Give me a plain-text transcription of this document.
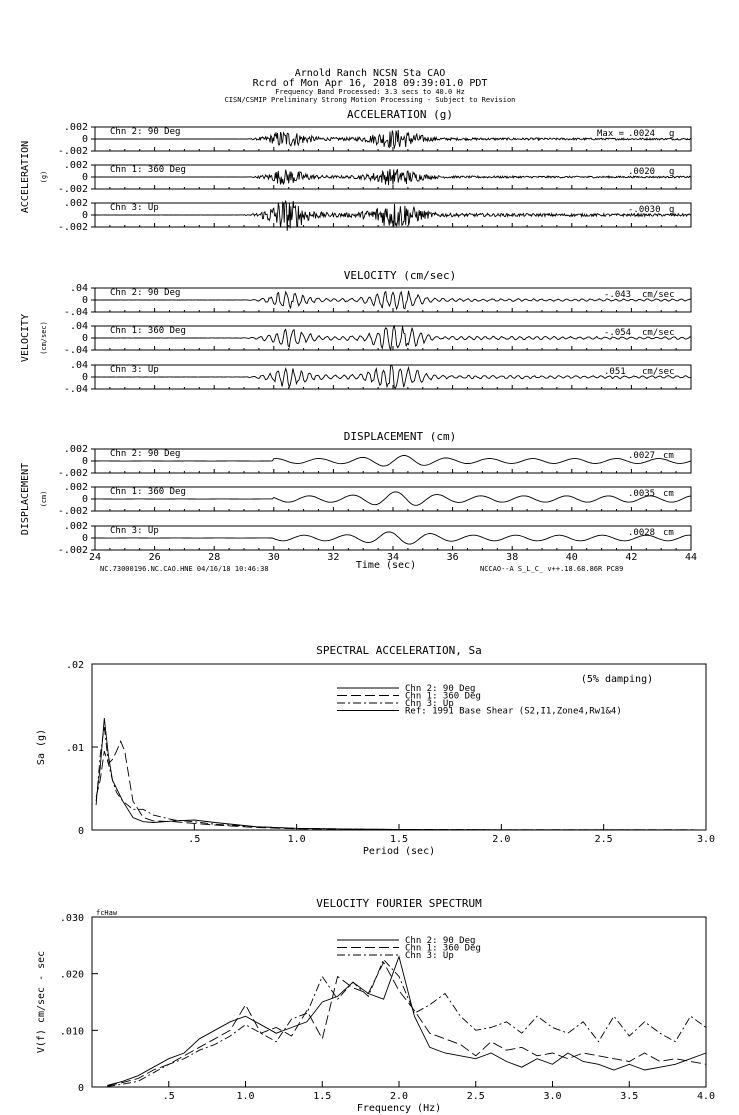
Arnold Ranch NCSN Sta CAO
Rcrd of Mon Apr 16, 2018 09:39:01.0 PDT
Frequency Band Processed: 3.3 secs to 40.0 Hz
CISN/CSMIP Preliminary Strong Motion Processing - Subject to Revision
ACCELERATION (g)
ACCELERATION (g)
.002
0
-.002
Chn 2: 90 Deg	Max = .0024 g
.002
0
-.002
Chn 1: 360 Deg	.0020 g
.002
0
-.002
Chn 3: Up	-.0030 g
VELOCITY (cm/sec)
VELOCITY (cm/sec)
.04
0
-.04
Chn 2: 90 Deg	-.043 cm/sec
.04
0
-.04
Chn 1: 360 Deg	-.054 cm/sec
.04
0
-.04
Chn 3: Up	.051 cm/sec
DISPLACEMENT (cm)
DISPLACEMENT (cm)
.002
0
-.002
Chn 2: 90 Deg	.0027 cm
.002
0
-.002
Chn 1: 360 Deg	.0035 cm
.002
0
-.002
Chn 3: Up	.0028 cm
24	26	28	30	32	34	36	38	40	42	44
Time (sec)
NC.73000196.NC.CAO.HNE 04/16/18 10:46:38	NCCAO--A S_L_C_ v++.18.68.86R PC89
SPECTRAL ACCELERATION, Sa
.5	1.0	1.5	2.0	2.5	3.0
.02
.01
0
Period (sec)
Sa (g)
Chn 2: 90 Deg
Chn 1: 360 Deg
Chn 3: Up
Ref: 1991 Base Shear (S2,I1,Zone4,Rw1&4)
(5% damping)
VELOCITY FOURIER SPECTRUM
.5	1.0	1.5	2.0	2.5	3.0	3.5	4.0
.030
.020
.010
0
Frequency (Hz)
V(f) cm/sec - sec
Chn 2: 90 Deg
Chn 1: 360 Deg
Chn 3: Up
fcHaw
